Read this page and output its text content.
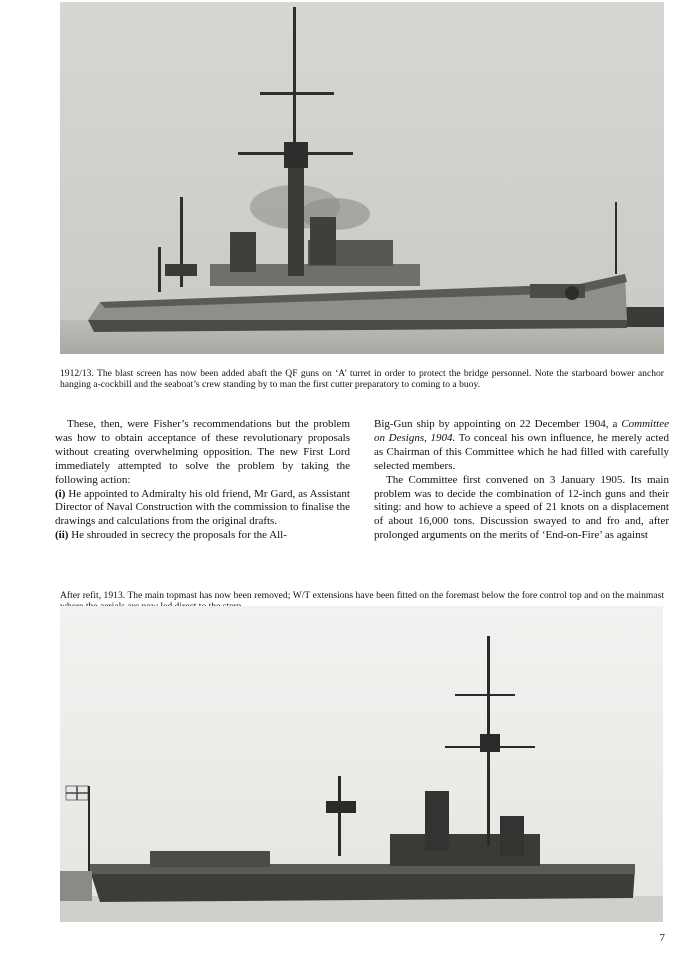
1912/13. The blast screen has now been added abaft the QF guns on ‘A’ turret in order to protect the bridge personnel. Note the starboard bower anchor hanging a-cockbill and the seaboat’s crew standing by to man the first cutter preparatory to coming to a buoy.

These, then, were Fisher’s recommendations but the problem was how to obtain acceptance of these revolutionary proposals without creating overwhelming opposition. The new First Lord immediately attempted to solve the problem by taking the following action:

(i) He appointed to Admiralty his old friend, Mr Gard, as Assistant Director of Naval Construction with the commission to finalise the drawings and calculations from the original drafts.

(ii) He shrouded in secrecy the proposals for the All-

Big-Gun ship by appointing on 22 December 1904, a Committee on Designs, 1904. To conceal his own influence, he merely acted as Chairman of this Committee which he had filled with carefully selected members.

The Committee first convened on 3 January 1905. Its main problem was to decide the combination of 12-inch guns and their siting: and how to achieve a speed of 21 knots on a displacement of about 16,000 tons. Discussion swayed to and fro and, after prolonged arguments on the merits of ‘End-on-Fire’ as against

After refit, 1913. The main topmast has now been removed; W/T extensions have been fitted on the foremast below the fore control top and on the mainmast

7
